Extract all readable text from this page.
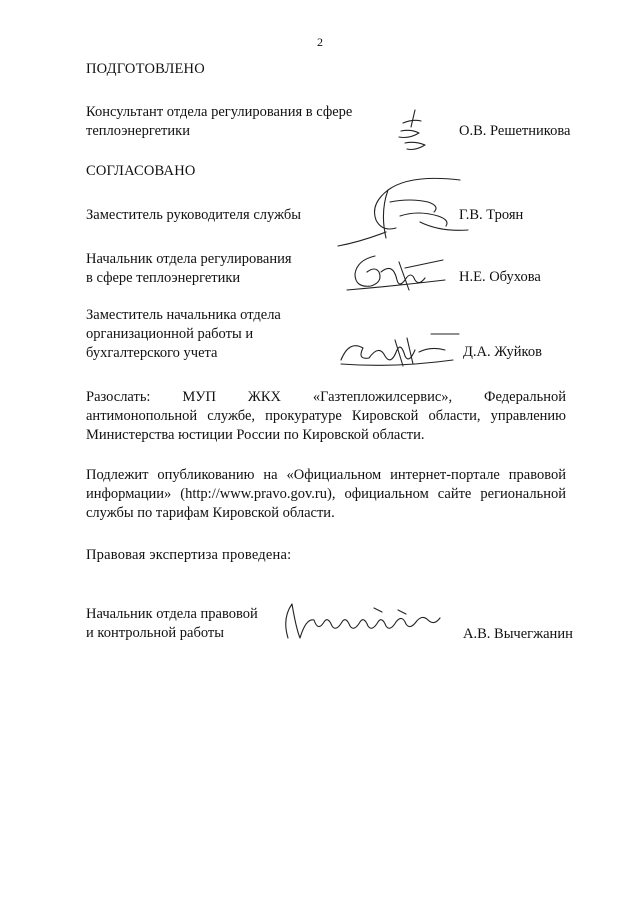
2
ПОДГОТОВЛЕНО
Консультант отдела регулирования в сфере
теплоэнергетики	О.В. Решетникова
СОГЛАСОВАНО
Заместитель руководителя службы	Г.В. Троян
Начальник отдела регулирования
в сфере теплоэнергетики	Н.Е. Обухова
Заместитель начальника отдела
организационной работы и
бухгалтерского учета	Д.А. Жуйков
Разослать: МУП ЖКХ «Газтепложилсервис», Федеральной антимонопольной службе, прокуратуре Кировской области, управлению Министерства юстиции России по Кировской области.
Подлежит опубликованию на «Официальном интернет-портале правовой информации» (http://www.pravo.gov.ru), официальном сайте региональной службы по тарифам Кировской области.
Правовая экспертиза проведена:
Начальник отдела правовой
и контрольной работы	А.В. Вычегжанин
